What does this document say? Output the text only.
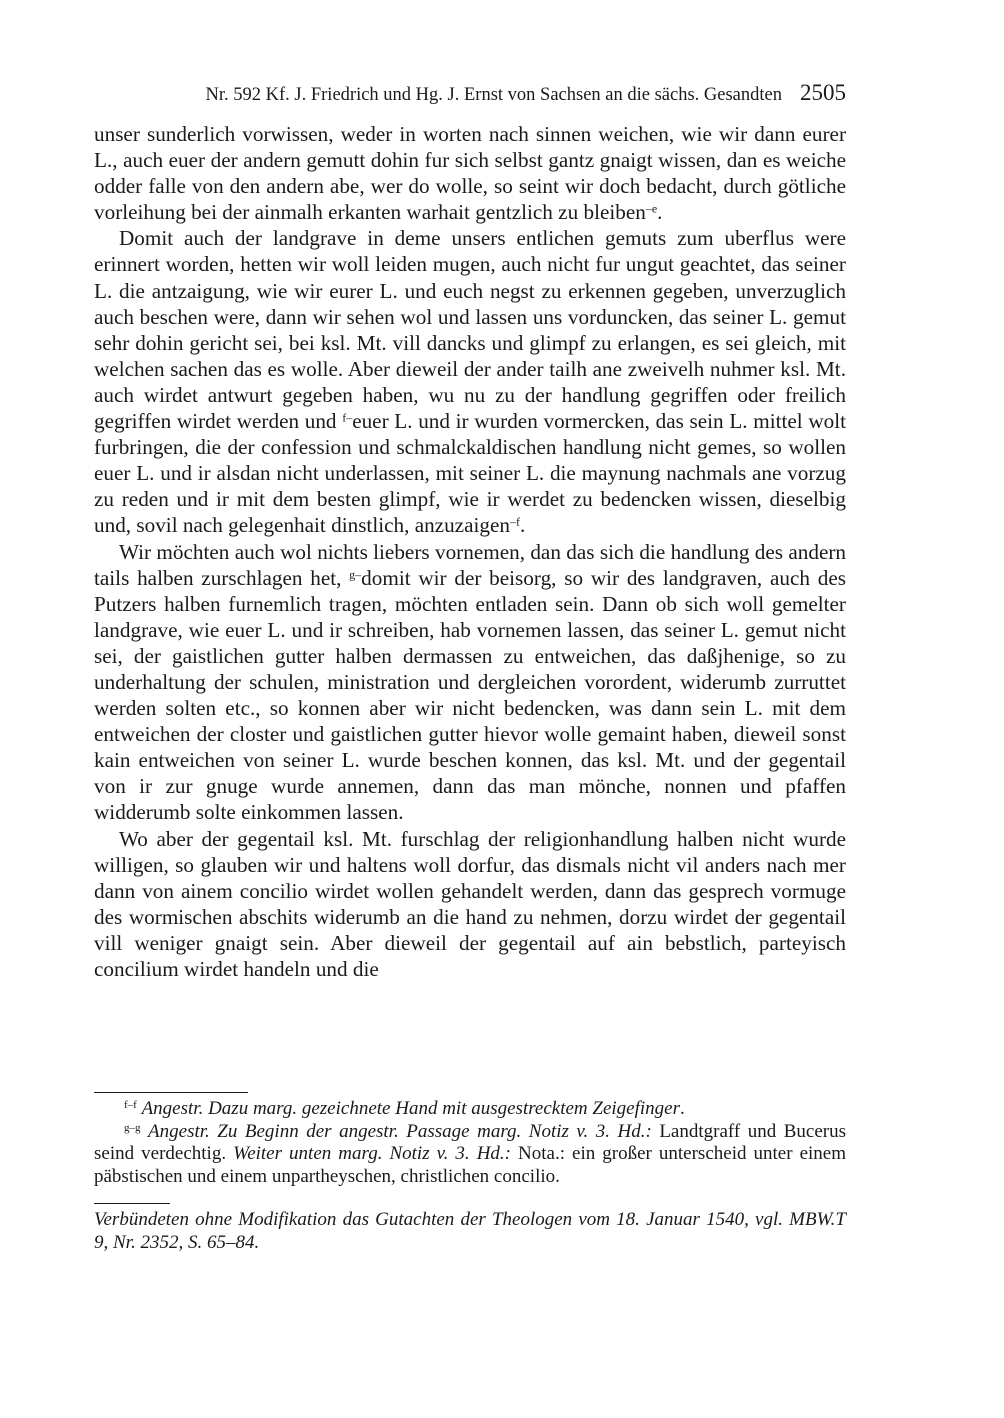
Nr. 592 Kf. J. Friedrich und Hg. J. Ernst von Sachsen an die sächs. Gesandten 2505

unser sunderlich vorwissen, weder in worten nach sinnen weichen, wie wir dann eurer L., auch euer der andern gemutt dohin fur sich selbst gantz gnaigt wissen, dan es weiche odder falle von den andern abe, wer do wolle, so seint wir doch bedacht, durch götliche vorleihung bei der ainmalh erkanten warhait gentzlich zu bleiben$^{-e}$.

Domit auch der landgrave in deme unsers entlichen gemuts zum uberflus were erinnert worden, hetten wir woll leiden mugen, auch nicht fur ungut geachtet, das seiner L. die antzaigung, wie wir eurer L. und euch negst zu erkennen gegeben, unverzuglich auch beschen were, dann wir sehen wol und lassen uns vorduncken, das seiner L. gemut sehr dohin gericht sei, bei ksl. Mt. vill dancks und glimpf zu erlangen, es sei gleich, mit welchen sachen das es wolle. Aber dieweil der ander tailh ane zweivelh nuhmer ksl. Mt. auch wirdet antwurt gegeben haben, wu nu zu der handlung gegriffen oder freilich gegriffen wirdet werden und $^{f-}$euer L. und ir wurden vormercken, das sein L. mittel wolt furbringen, die der confession und schmalckaldischen handlung nicht gemes, so wollen euer L. und ir alsdan nicht underlassen, mit seiner L. die maynung nachmals ane vorzug zu reden und ir mit dem besten glimpf, wie ir werdet zu bedencken wissen, dieselbig und, sovil nach gelegenhait dinstlich, anzuzaigen$^{-f}$.

Wir möchten auch wol nichts liebers vornemen, dan das sich die handlung des andern tails halben zurschlagen het, $^{g-}$domit wir der beisorg, so wir des landgraven, auch des Putzers halben furnemlich tragen, möchten entladen sein. Dann ob sich woll gemelter landgrave, wie euer L. und ir schreiben, hab vornemen lassen, das seiner L. gemut nicht sei, der gaistlichen gutter halben dermassen zu entweichen, das daßjhenige, so zu underhaltung der schulen, ministration und dergleichen vorordent, widerumb zurruttet werden solten etc., so konnen aber wir nicht bedencken, was dann sein L. mit dem entweichen der closter und gaistlichen gutter hievor wolle gemaint haben, dieweil sonst kain entweichen von seiner L. wurde beschen konnen, das ksl. Mt. und der gegentail von ir zur gnuge wurde annemen, dann das man mönche, nonnen und pfaffen widderumb solte einkommen lassen.

Wo aber der gegentail ksl. Mt. furschlag der religionhandlung halben nicht wurde willigen, so glauben wir und haltens woll dorfur, das dismals nicht vil anders nach mer dann von ainem concilio wirdet wollen gehandelt werden, dann das gesprech vormuge des wormischen abschits widerumb an die hand zu nehmen, dorzu wirdet der gegentail vill weniger gnaigt sein. Aber dieweil der gegentail auf ain bebstlich, parteyisch concilium wirdet handeln und die

$^{f-f}$ Angestr. Dazu marg. gezeichnete Hand mit ausgestrecktem Zeigefinger.

$^{g-g}$ Angestr. Zu Beginn der angestr. Passage marg. Notiz v. 3. Hd.: Landtgraff und Bucerus seind verdechtig. Weiter unten marg. Notiz v. 3. Hd.: Nota.: ein großer unterscheid unter einem päbstischen und einem unpartheyschen, christlichen concilio.

Verbündeten ohne Modifikation das Gutachten der Theologen vom 18. Januar 1540, vgl. MBW.T 9, Nr. 2352, S. 65–84.
